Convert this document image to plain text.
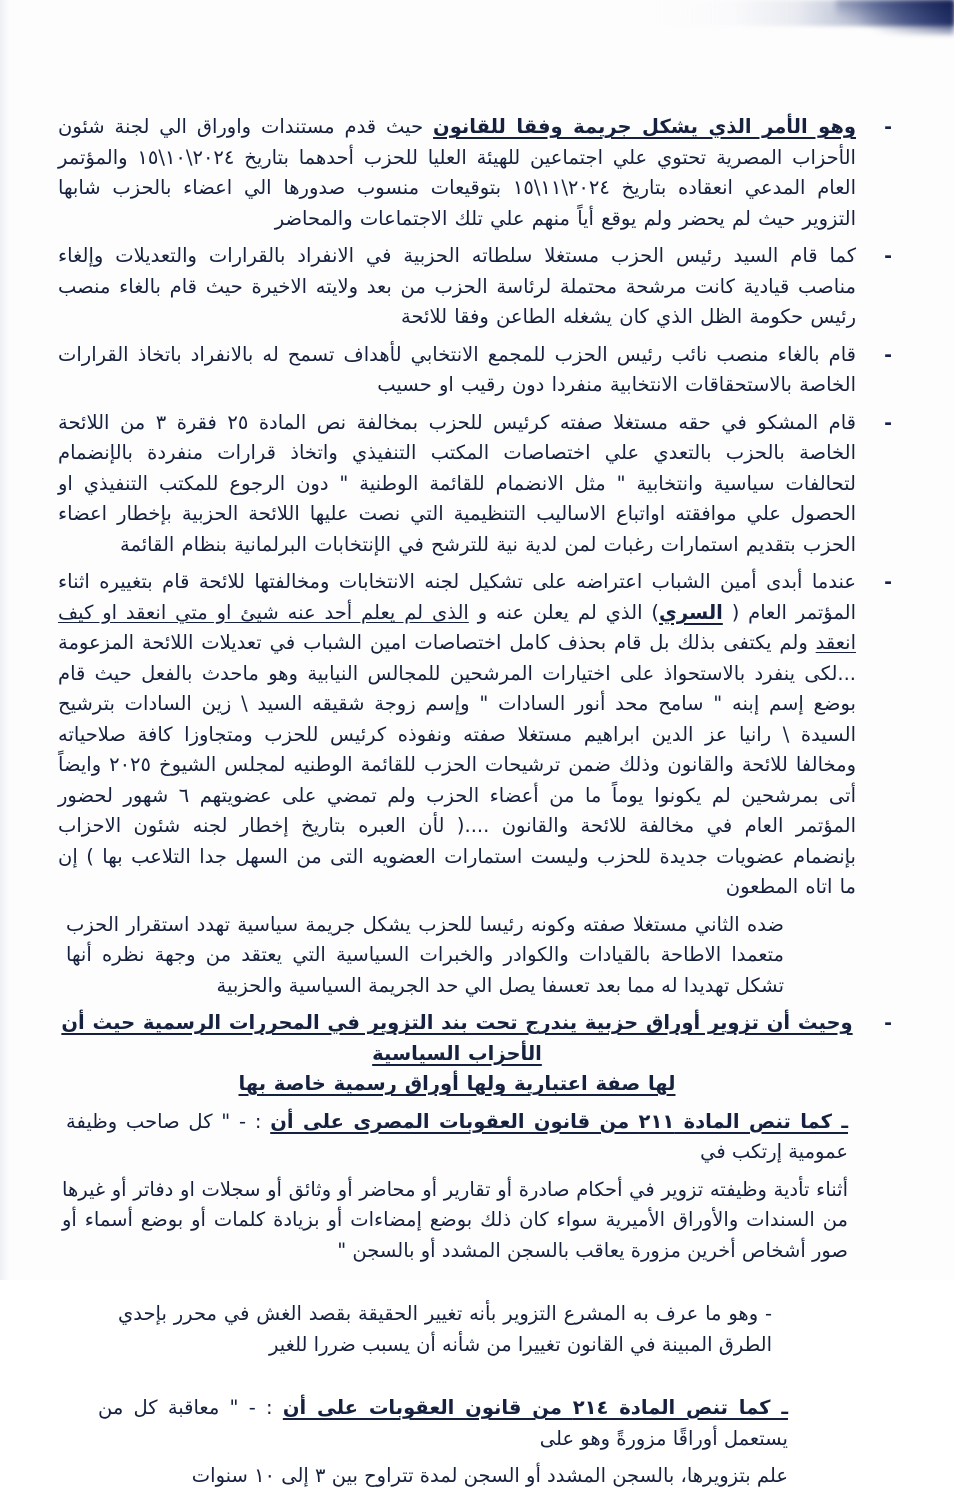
-
وهو الأمر الذي يشكل جريمة وفقا للقانون حيث قدم مستندات واوراق الي لجنة شئون الأحزاب المصرية تحتوي علي اجتماعين للهيئة العليا للحزب أحدهما بتاريخ ٢٠٢٤\١٠\١٥ والمؤتمر العام المدعي انعقاده بتاريخ ٢٠٢٤\١١\١٥ بتوقيعات منسوب صدورها الي اعضاء بالحزب شابها التزوير حيث لم يحضر ولم يوقع أياً منهم علي تلك الاجتماعات والمحاضر
-
كما قام السيد رئيس الحزب مستغلا سلطاته الحزبية في الانفراد بالقرارات والتعديلات وإلغاء مناصب قيادية كانت مرشحة محتملة لرئاسة الحزب من بعد ولايته الاخيرة حيث قام بالغاء منصب رئيس حكومة الظل الذي كان يشغله الطاعن وفقا للائحة
-
قام بالغاء منصب نائب رئيس الحزب للمجمع الانتخابي لأهداف تسمح له بالانفراد باتخاذ القرارات الخاصة بالاستحقاقات الانتخابية منفردا دون رقيب او حسيب
-
قام المشكو في حقه مستغلا صفته كرئيس للحزب بمخالفة نص المادة ٢٥ فقرة ٣ من اللائحة الخاصة بالحزب بالتعدي علي اختصاصات المكتب التنفيذي واتخاذ قرارات منفردة بالإنضمام لتحالفات سياسية وانتخابية " مثل الانضمام للقائمة الوطنية " دون الرجوع للمكتب التنفيذي او الحصول علي موافقته اواتباع الاساليب التنظيمية التي نصت عليها اللائحة الحزبية بإخطار اعضاء الحزب بتقديم استمارات رغبات لمن لدية نية للترشح في الإنتخابات البرلمانية بنظام القائمة
-
عندما أبدى أمين الشباب اعتراضه على تشكيل لجنه الانتخابات ومخالفتها للائحة قام بتغييره اثناء المؤتمر العام ( السري) الذي لم يعلن عنه و الذى لم يعلم أحد عنه شيئ او متي انعقد او كيف انعقد ولم يكتفى بذلك بل قام بحذف كامل اختصاصات امين الشباب في تعديلات اللائحة المزعومة ...لكى ينفرد بالاستحواذ على اختيارات المرشحين للمجالس النيابية وهو ماحدث بالفعل حيث قام بوضع إسم إبنه " سامح محد أنور السادات " وإسم زوجة شقيقه السيد \ زين السادات بترشيح السيدة \ رانيا عز الدين ابراهيم مستغلا صفته ونفوذه كرئيس للحزب ومتجاوزا كافة صلاحياته ومخالفا للائحة والقانون وذلك ضمن ترشيحات الحزب للقائمة الوطنيه لمجلس الشيوخ ٢٠٢٥ وايضاً أتى بمرشحين لم يكونوا يوماً ما من أعضاء الحزب ولم تمضي على عضويتهم ٦ شهور لحضور المؤتمر العام في مخالفة للائحة والقانون ....( لأن العبره بتاريخ إخطار لجنه شئون الاحزاب بإنضمام عضويات جديدة للحزب وليست استمارات العضويه التى من السهل جدا التلاعب بها ) إن ما اتاه المطعون
ضده الثاني مستغلا صفته وكونه رئيسا للحزب يشكل جريمة سياسية تهدد استقرار الحزب متعمدا الاطاحة بالقيادات والكوادر والخبرات السياسية التي يعتقد من وجهة نظره أنها تشكل تهديدا له مما بعد تعسفا يصل الي حد الجريمة السياسية والحزبية
-
وحيث أن تزوير أوراق حزبية يندرج تحت بند التزوير في المحررات الرسمية حيث أن الأحزاب السياسية
لها صفة اعتبارية ولها أوراق رسمية خاصة بها
ـ كما تنص المادة ٢١١ من قانون العقوبات المصرى على أن : - " كل صاحب وظيفة عمومية إرتكب في
أثناء تأدية وظيفته تزوير في أحكام صادرة أو تقارير أو محاضر أو وثائق أو سجلات او دفاتر أو غيرها من السندات والأوراق الأميرية سواء كان ذلك بوضع إمضاءات أو بزيادة كلمات أو بوضع أسماء أو صور أشخاص أخرين مزورة يعاقب بالسجن المشدد أو بالسجن "
- وهو ما عرف به المشرع التزوير بأنه تغيير الحقيقة بقصد الغش في محرر بإحدي الطرق المبينة في القانون تغييرا من شأنه أن يسبب ضررا للغير
ـ كما تنص المادة ٢١٤ من قانون العقوبات على أن : - " معاقبة كل من يستعمل أوراقًا مزورةً وهو على
علم بتزويرها، بالسجن المشدد أو السجن لمدة تتراوح بين ٣ إلى ١٠ سنوات
